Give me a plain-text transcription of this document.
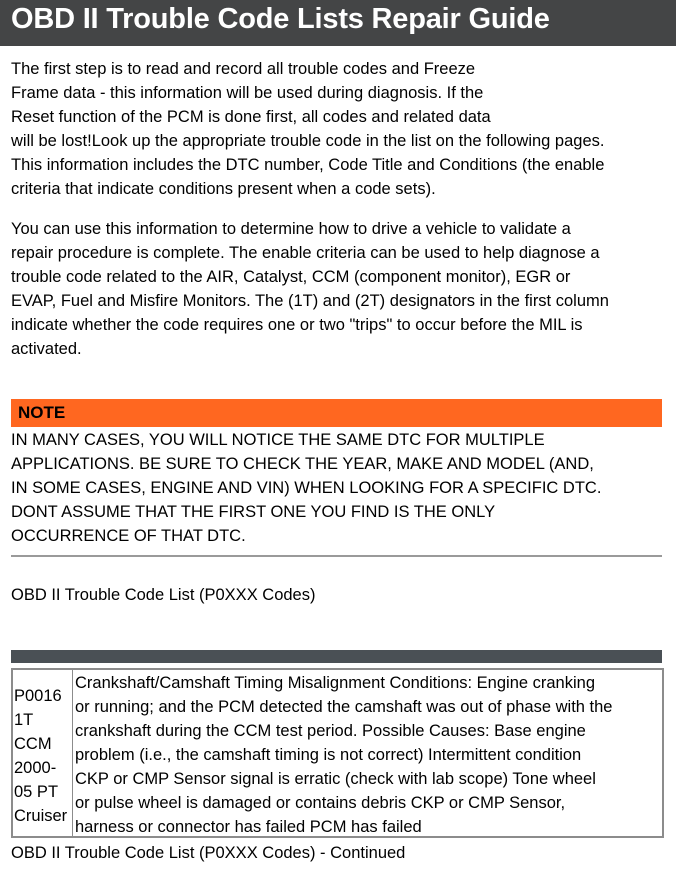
OBD II Trouble Code Lists Repair Guide

The first step is to read and record all trouble codes and Freeze
Frame data - this information will be used during diagnosis. If the
Reset function of the PCM is done first, all codes and related data
will be lost!Look up the appropriate trouble code in the list on the following pages.
This information includes the DTC number, Code Title and Conditions (the enable
criteria that indicate conditions present when a code sets).

You can use this information to determine how to drive a vehicle to validate a
repair procedure is complete. The enable criteria can be used to help diagnose a
trouble code related to the AIR, Catalyst, CCM (component monitor), EGR or
EVAP, Fuel and Misfire Monitors. The (1T) and (2T) designators in the first column
indicate whether the code requires one or two "trips" to occur before the MIL is
activated.

NOTE
IN MANY CASES, YOU WILL NOTICE THE SAME DTC FOR MULTIPLE
APPLICATIONS. BE SURE TO CHECK THE YEAR, MAKE AND MODEL (AND,
IN SOME CASES, ENGINE AND VIN) WHEN LOOKING FOR A SPECIFIC DTC.
DONT ASSUME THAT THE FIRST ONE YOU FIND IS THE ONLY
OCCURRENCE OF THAT DTC.
OBD II Trouble Code List (P0XXX Codes)
P0016
1T
CCM
2000-
05 PT
Cruiser
Crankshaft/Camshaft Timing Misalignment Conditions: Engine cranking
or running; and the PCM detected the camshaft was out of phase with the
crankshaft during the CCM test period. Possible Causes: Base engine
problem (i.e., the camshaft timing is not correct) Intermittent condition
CKP or CMP Sensor signal is erratic (check with lab scope) Tone wheel
or pulse wheel is damaged or contains debris CKP or CMP Sensor,
harness or connector has failed PCM has failed
OBD II Trouble Code List (P0XXX Codes) - Continued
